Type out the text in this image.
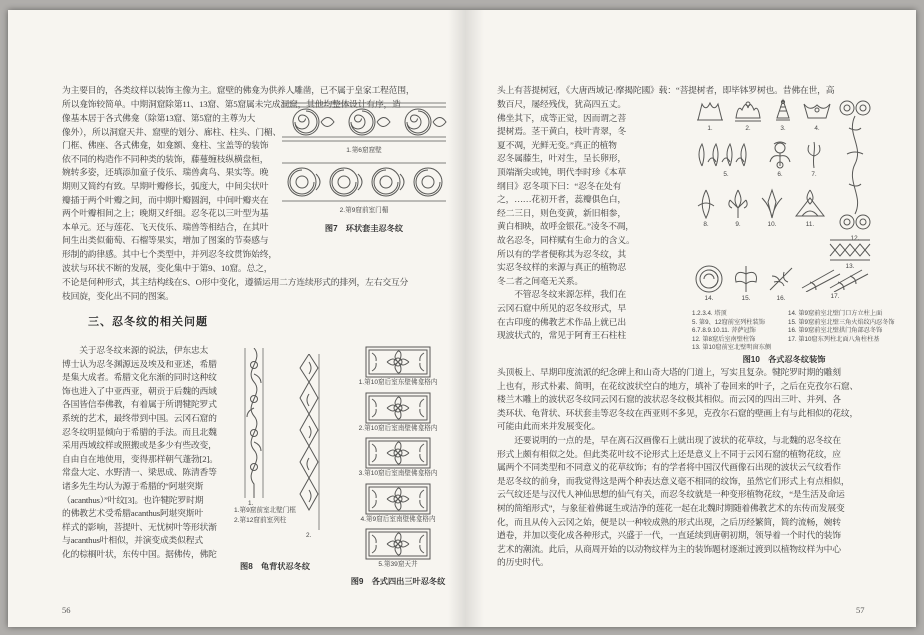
为主要目的，各类纹样以装饰主像为主。窟壁的佛龛为供养人雕凿，已不属于皇家工程范围，
所以龛饰较简单。中期洞窟除第11、13窟、第5窟属未完成洞窟，其他均整体设计有序，造
像基本居于各式佛龛（除第13窟、第5窟的主尊为大
像外），所以洞窟天井、窟壁的划分、廊柱、柱头、门楣、
门框、佛座、各式佛龛，如龛额、龛柱、宝盖等的装饰
依不同的构造作不同种类的装饰，藤蔓缠枝纵横盘桓，
婉转多姿，还填添加童子伎乐、瑞兽禽鸟、果实等。晚
期则又简约有致。早期叶瓣修长，弧度大，中间尖状叶
瓣插于两个叶瓣之间，而中期叶瓣圆润，中间叶瓣夹在
两个叶瓣相间之上；晚期又纤细。忍冬花以三叶型为基
本单元。还与莲花、飞天伎乐、瑞兽等相结合，在其叶
间生出类似葡萄、石榴等果实，增加了图案的节奏感与
形制的韵律感。其中七个类型中，并列忍冬纹贯饰始终，
波状与环状不断的发展，变化集中于第9、10窟。总之，
1.第6窟窟壁
2.第9窟前室门楣
图7　环状套圭忍冬纹
不论是何种形式，其主结构线在S、O形中变化，遵循运用二方连续形式的排列，左右交互分
枝回旋，变化出不同的图案。
三、忍冬纹的相关问题
　　关于忍冬纹来源的说法，伊东忠太
博士认为忍冬渊源远及埃及和亚述，希腊
是集大成者。希腊文化东渐的同时这种纹
饰也进入了中亚西亚，朝贡于后魏的西域
各国皆信奉佛教，有着属于所谓犍陀罗式
系统的艺术，最终带到中国。云冈石窟的
忍冬纹明显倾向于希腊的手法。而且北魏
采用西域纹样或照搬或是多少有些改变，
自由自在地使用，变得那样朝气蓬勃[2]。
常盘大定、水野清一、梁思成、陈清香等
诸多先生均认为源于希腊的“阿堪突斯
（acanthus）”叶纹[3]。也许犍陀罗时期
的佛教艺术受希腊acanthus阿堪突斯叶
样式的影响，菩提叶、无忧树叶等形状渐
与acanthus叶相似，并演变成类似程式
化的棕榈叶状，东传中国。据佛传，佛陀
1.
2.
1.第9窟前室北壁门框
2.第12窟前室列柱
图8　龟背状忍冬纹
1.第10窟后室东壁佛龛格内
2.第10窟后室南壁佛龛格内
3.第10窟后室南壁佛龛格内
4.第9窟后室南壁佛龛格内
5.第39窟天井
图9　各式四出三叶忍冬纹
56
头上有菩提树冠，《大唐西域记·摩揭陀國》载：“菩提树者，即毕钵罗树也。昔佛在世，高
数百尺，屡经残伐，犹高四五丈。
佛坐其下，成等正觉，因而谓之菩
提树焉。茎干黄白，枝叶青翠，冬
夏不凋，光鲜无变。”真正的植物
忍冬属藤生，叶对生，呈长卵形，
顶端渐尖或钝，明代李时珍《本草
纲目》忍冬项下曰：“忍冬在处有
之，……花初开者，蕊瓣俱色白，
经二三日，则色变黄，新旧相参，
黄白相映，故呼金银花。”凌冬不凋，
故名忍冬，同样赋有生命力的含义。
所以有的学者便称其为忍冬纹，其
实忍冬纹样的来源与真正的植物忍
冬二者之间毫无关系。
　　不管忍冬纹来源怎样，我们在
云冈石窟中所见的忍冬纹形式，早
在古印度的佛教艺术作品上就已出
现波状式的，常见于阿育王石柱柱
1.	2.	3.	4.
12.
5.	6.	7.
8.	9.	10.	11.
13.
14.	15.	16.	17.
1.2.3.4. 塔顶
5. 第9、12窟前室列柱装饰
6.7.8.9.10.11. 菩萨冠饰
12. 第8窟后室南壁柱饰
13. 第10窟前室北壁明窗东侧
14. 第9窟前室北壁门口方立柱上面
15. 第9窟前室北壁三角火焰纹内忍冬饰
16. 第9窟前室北壁拱门角部忍冬饰
17. 第10窟东列柱北面八角柱柱基
图10　各式忍冬纹装饰
头顶板上、早期印度流派的纪念碑上和山奇大塔的门道上，写实且复杂。犍陀罗时期的雕刻
上也有，形式朴素、简明，在花纹波状空白的地方，填补了卷回来的叶子，之后在克孜尔石窟、
楼兰木雕上的波状忍冬纹同云冈石窟的波状忍冬纹极其相似。而云冈的四出三叶、并列、各
类环状、龟背状、环状套圭等忍冬纹在西亚则不多见，克孜尔石窟的壁画上有与此相似的花纹，
可能由此而来并发展变化。
　　还要说明的一点的是，早在离石汉画像石上就出现了波状的花草纹，与北魏的忍冬纹在
形式上颇有相似之处。但此类花叶纹不论形式上还是意义上不同于云冈石窟的植物花纹，应
属两个不同类型和不同意义的花草纹饰；有的学者将中国汉代画像石出现的波状云气纹看作
是忍冬纹的前身，而我觉得这是两个种表达意义毫不相同的纹饰，虽然它们形式上有点相似，
云气纹还是与汉代人神仙思想的仙气有关，而忍冬纹就是一种变形植物花纹，“是生活及命运
树的简缩形式”，与象征着佛诞生或洁净的莲花一起在北魏时期随着佛教艺术的东传而发展变
化，而且从传入云冈之始，便是以一种较成熟的形式出现，之后历经繁简，简约流畅，婉转
遒卷，并加以变化成各种形式，兴盛于一代，一直延续到唐朝初期，领导着一个时代的装饰
艺术的潮流。此后，从商周开始的以动物纹样为主的装饰题材逐渐过渡到以植物纹样为中心
的历史时代。
57
